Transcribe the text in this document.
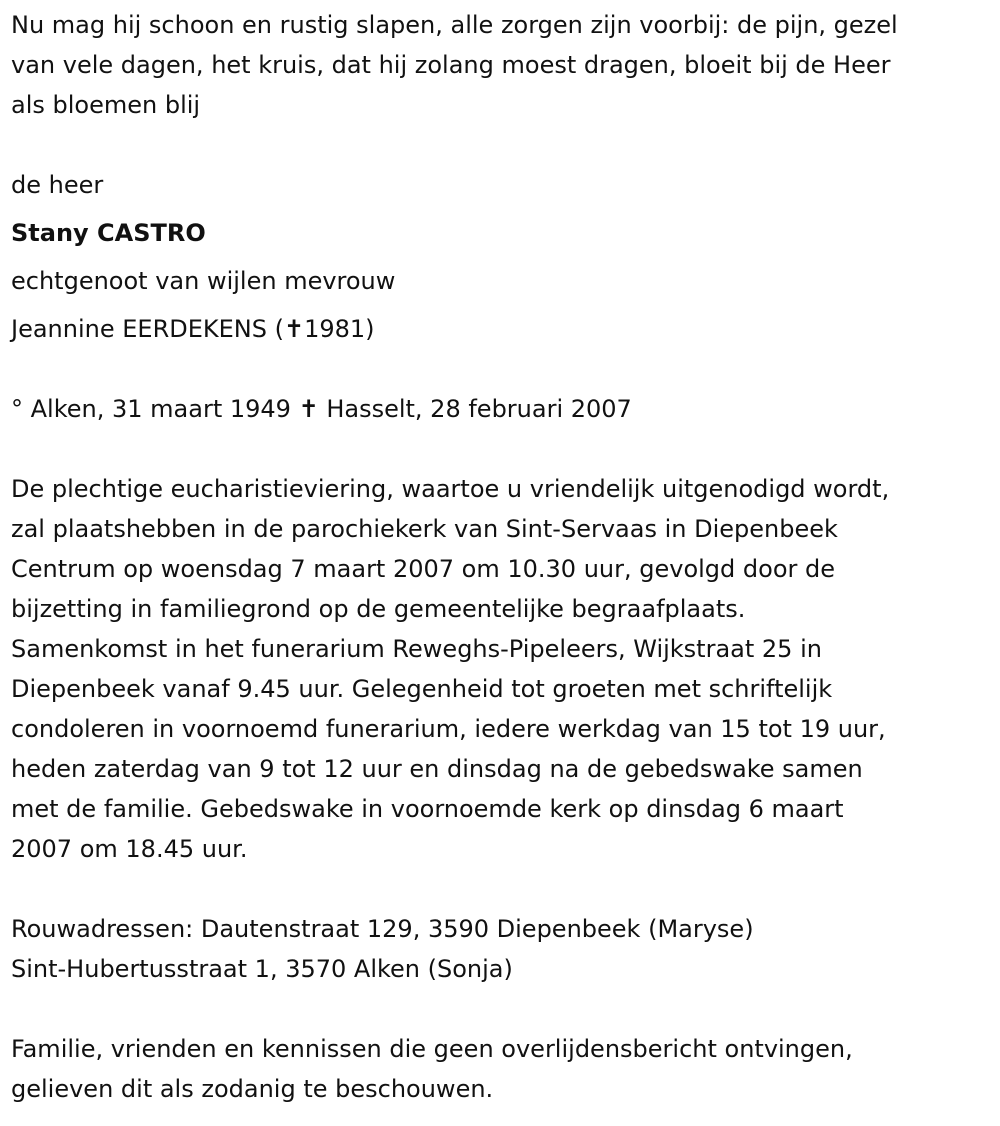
Nu mag hij schoon en rustig slapen, alle zorgen zijn voorbij: de pijn, gezel
van vele dagen, het kruis, dat hij zolang moest dragen, bloeit bij de Heer
als bloemen blij
de heer
Stany CASTRO
echtgenoot van wijlen mevrouw
Jeannine EERDEKENS (✝1981)
° Alken, 31 maart 1949 ✝ Hasselt, 28 februari 2007
De plechtige eucharistieviering, waartoe u vriendelijk uitgenodigd wordt,
zal plaatshebben in de parochiekerk van Sint-Servaas in Diepenbeek
Centrum op woensdag 7 maart 2007 om 10.30 uur, gevolgd door de
bijzetting in familiegrond op de gemeentelijke begraafplaats.
Samenkomst in het funerarium Reweghs-Pipeleers, Wijkstraat 25 in
Diepenbeek vanaf 9.45 uur. Gelegenheid tot groeten met schriftelijk
condoleren in voornoemd funerarium, iedere werkdag van 15 tot 19 uur,
heden zaterdag van 9 tot 12 uur en dinsdag na de gebedswake samen
met de familie. Gebedswake in voornoemde kerk op dinsdag 6 maart
2007 om 18.45 uur.
Rouwadressen: Dautenstraat 129, 3590 Diepenbeek (Maryse)
Sint-Hubertusstraat 1, 3570 Alken (Sonja)
Familie, vrienden en kennissen die geen overlijdensbericht ontvingen,
gelieven dit als zodanig te beschouwen.
